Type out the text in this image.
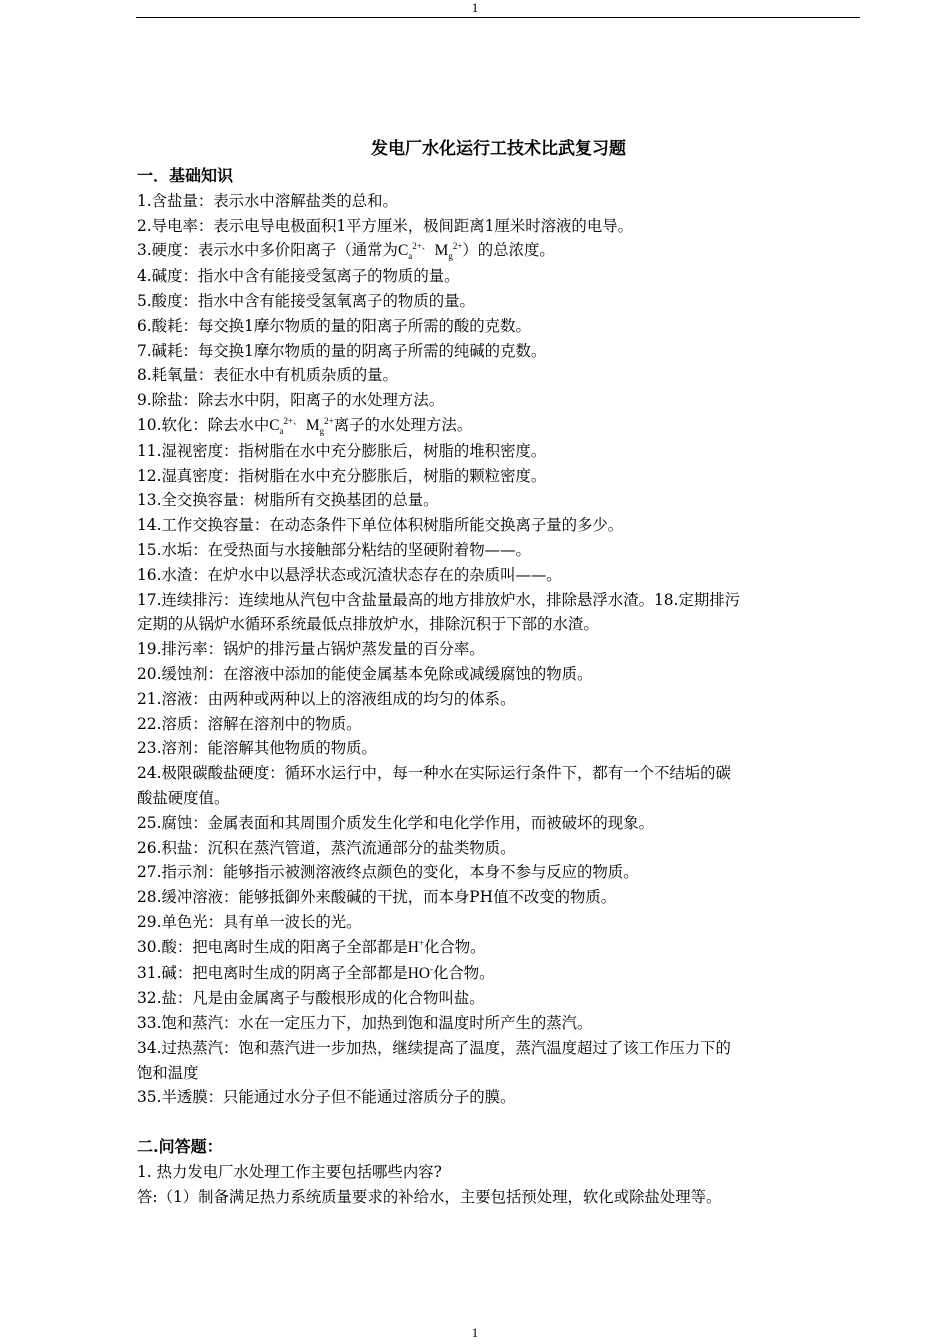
1

发电厂水化运行工技术比武复习题

一．基础知识

1.含盐量：表示水中溶解盐类的总和。

2.导电率：表示电导电极面积1平方厘米，极间距离1厘米时溶液的电导。

3.硬度：表示水中多价阳离子（通常为$C_a^{2+、}$ $M_g^{2+}$）的总浓度。

4.碱度：指水中含有能接受氢离子的物质的量。

5.酸度：指水中含有能接受氢氧离子的物质的量。

6.酸耗：每交换1摩尔物质的量的阳离子所需的酸的克数。

7.碱耗：每交换1摩尔物质的量的阴离子所需的纯碱的克数。

8.耗氧量：表征水中有机质杂质的量。

9.除盐：除去水中阴，阳离子的水处理方法。

10.软化：除去水中$C_a^{2+、}$ $M_g^{2+}$离子的水处理方法。

11.湿视密度：指树脂在水中充分膨胀后，树脂的堆积密度。

12.湿真密度：指树脂在水中充分膨胀后，树脂的颗粒密度。

13.全交换容量：树脂所有交换基团的总量。

14.工作交换容量：在动态条件下单位体积树脂所能交换离子量的多少。

15.水垢：在受热面与水接触部分粘结的坚硬附着物——。

16.水渣：在炉水中以悬浮状态或沉渣状态存在的杂质叫——。

17.连续排污：连续地从汽包中含盐量最高的地方排放炉水，排除悬浮水渣。18.定期排污

定期的从锅炉水循环系统最低点排放炉水，排除沉积于下部的水渣。

19.排污率：锅炉的排污量占锅炉蒸发量的百分率。

20.缓蚀剂：在溶液中添加的能使金属基本免除或减缓腐蚀的物质。

21.溶液：由两种或两种以上的溶液组成的均匀的体系。

22.溶质：溶解在溶剂中的物质。

23.溶剂：能溶解其他物质的物质。

24.极限碳酸盐硬度：循环水运行中，每一种水在实际运行条件下，都有一个不结垢的碳

酸盐硬度值。

25.腐蚀：金属表面和其周围介质发生化学和电化学作用，而被破坏的现象。

26.积盐：沉积在蒸汽管道，蒸汽流通部分的盐类物质。

27.指示剂：能够指示被测溶液终点颜色的变化，本身不参与反应的物质。

28.缓冲溶液：能够抵御外来酸碱的干扰，而本身PH值不改变的物质。

29.单色光：具有单一波长的光。

30.酸：把电离时生成的阳离子全部都是H+化合物。

31.碱：把电离时生成的阴离子全部都是HO-化合物。

32.盐：凡是由金属离子与酸根形成的化合物叫盐。

33.饱和蒸汽：水在一定压力下，加热到饱和温度时所产生的蒸汽。

34.过热蒸汽：饱和蒸汽进一步加热，继续提高了温度，蒸汽温度超过了该工作压力下的

饱和温度

35.半透膜：只能通过水分子但不能通过溶质分子的膜。

二.问答题：

1. 热力发电厂水处理工作主要包括哪些内容?

答:（1）制备满足热力系统质量要求的补给水，主要包括预处理，软化或除盐处理等。

1
